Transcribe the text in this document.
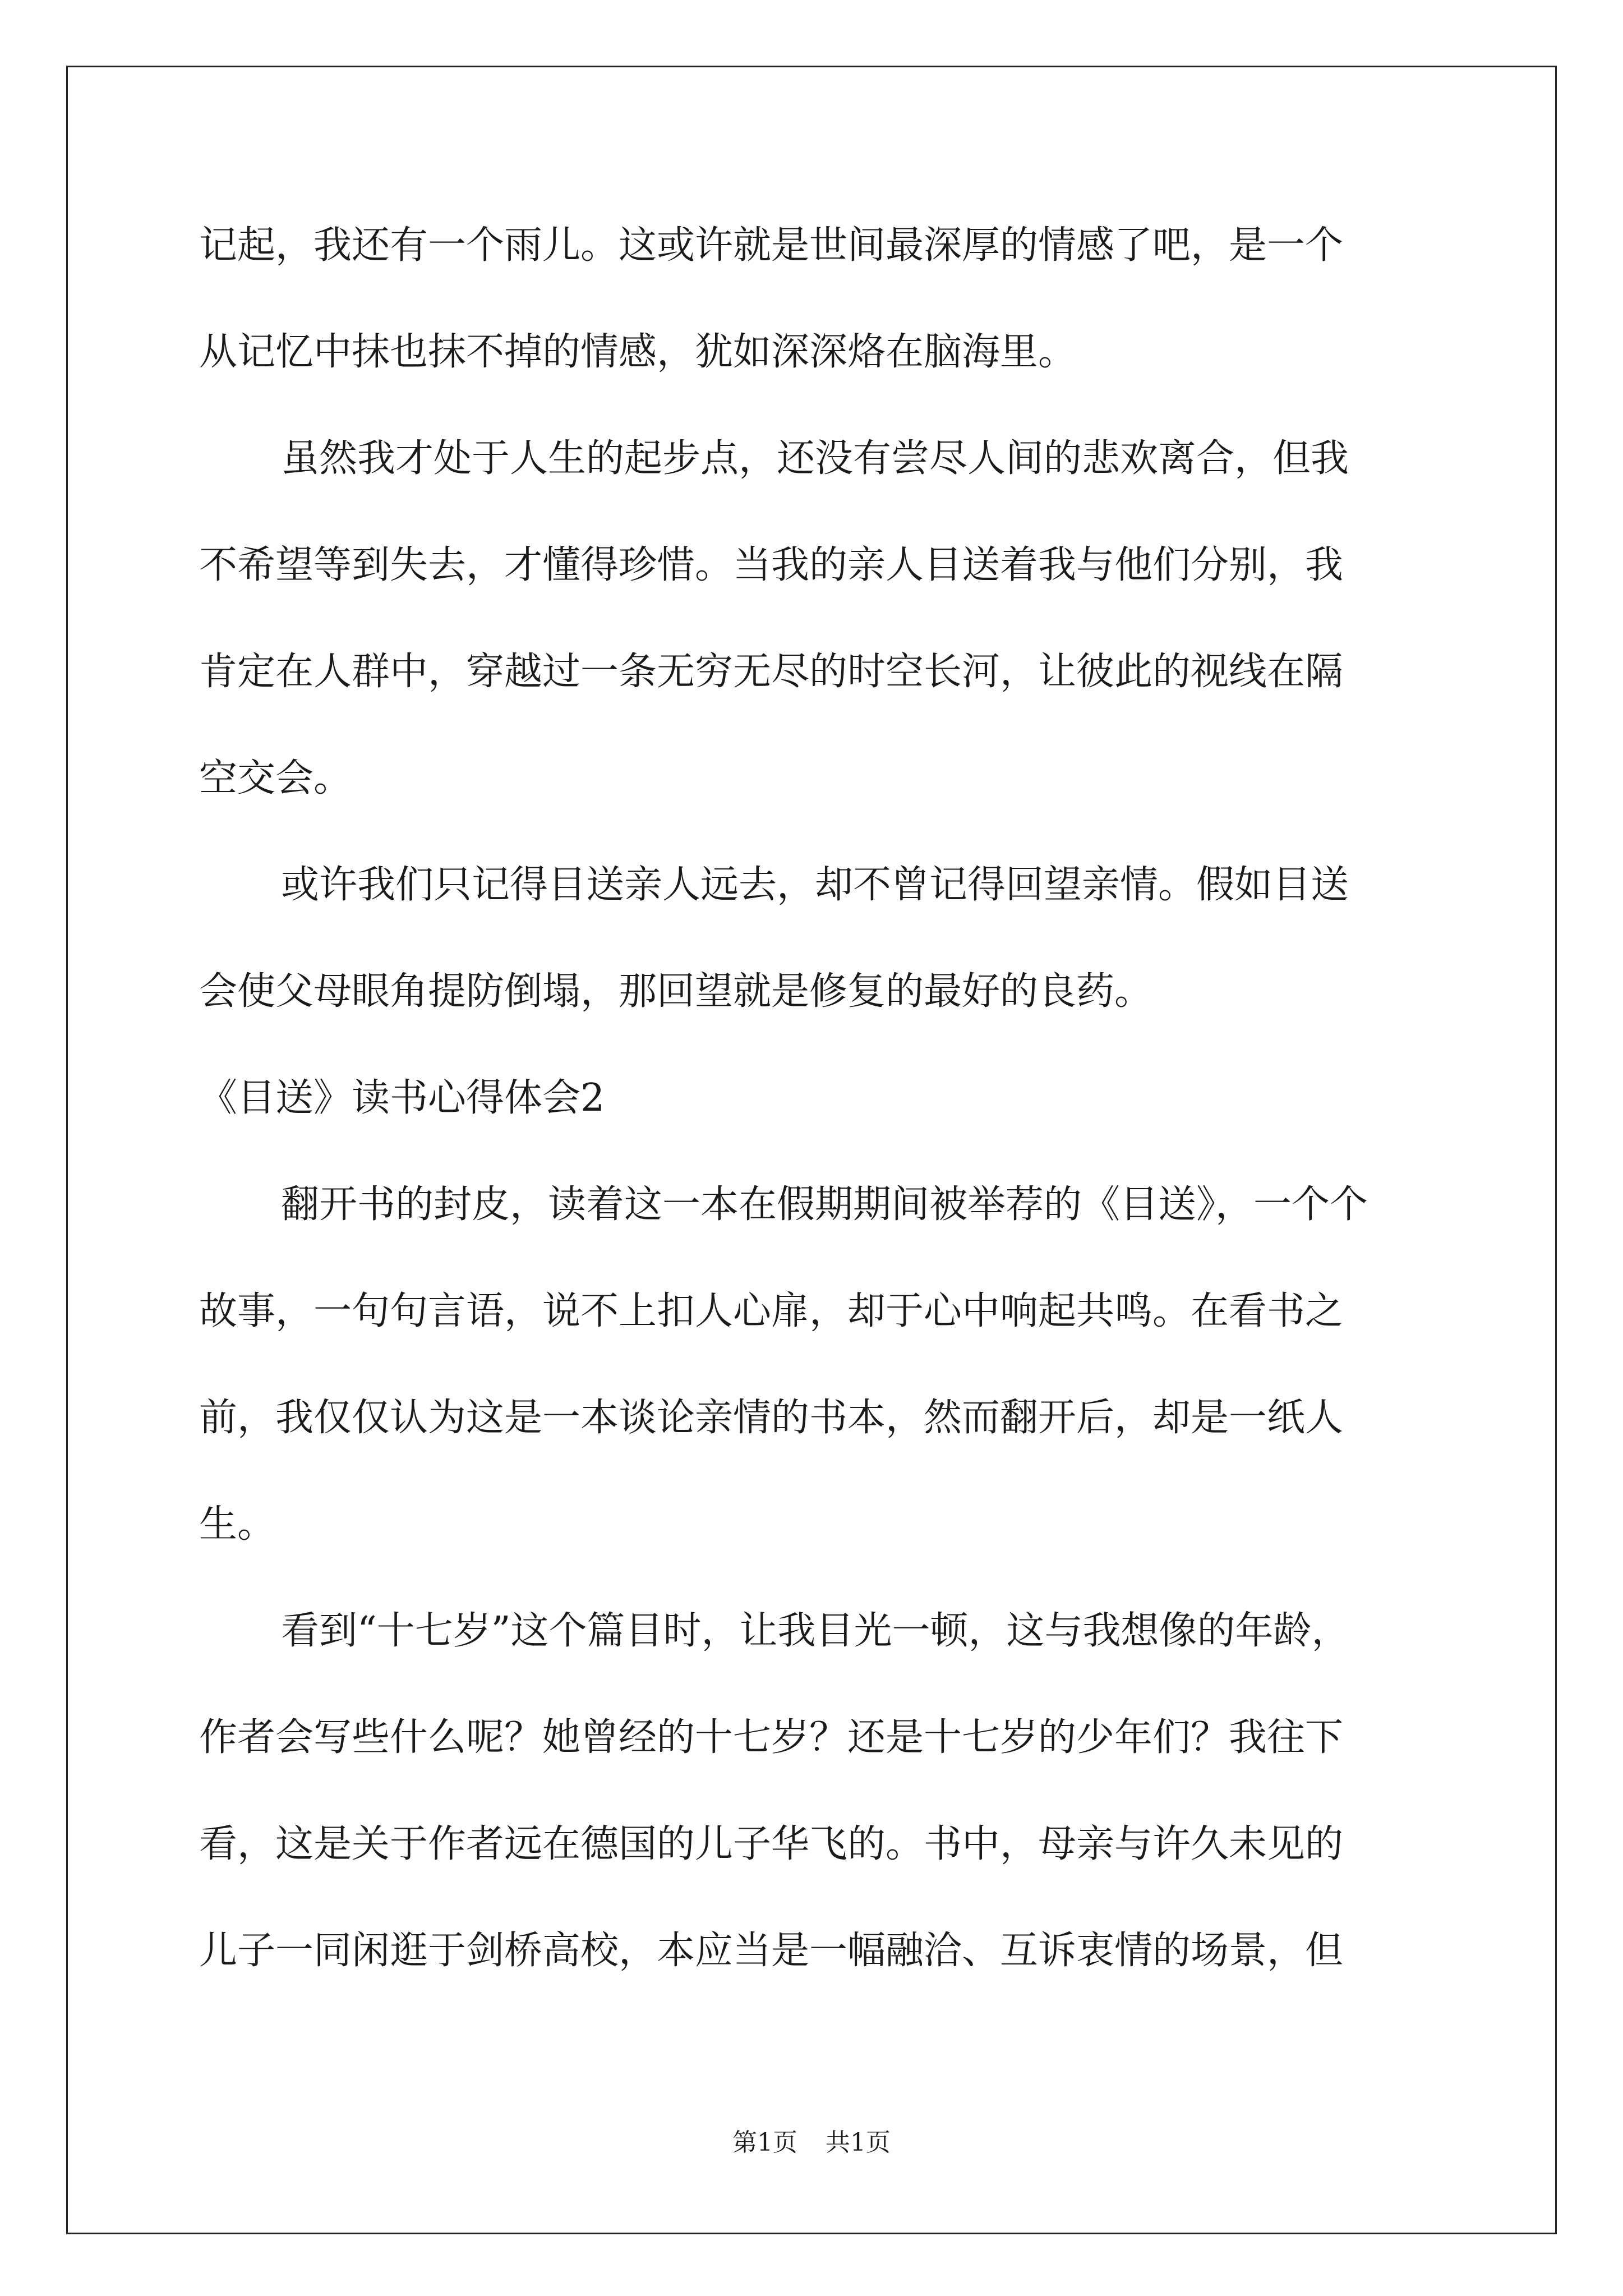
记起，我还有一个雨儿。这或许就是世间最深厚的情感了吧，是一个
从记忆中抹也抹不掉的情感，犹如深深烙在脑海里。
虽然我才处于人生的起步点，还没有尝尽人间的悲欢离合，但我
不希望等到失去，才懂得珍惜。当我的亲人目送着我与他们分别，我
肯定在人群中，穿越过一条无穷无尽的时空长河，让彼此的视线在隔
空交会。
或许我们只记得目送亲人远去，却不曾记得回望亲情。假如目送
会使父母眼角提防倒塌，那回望就是修复的最好的良药。
《目送》读书心得体会2
翻开书的封皮，读着这一本在假期期间被举荐的《目送》，一个个
故事，一句句言语，说不上扣人心扉，却于心中响起共鸣。在看书之
前，我仅仅认为这是一本谈论亲情的书本，然而翻开后，却是一纸人
生。
看到“十七岁”这个篇目时，让我目光一顿，这与我想像的年龄，
作者会写些什么呢？她曾经的十七岁？还是十七岁的少年们？我往下
看，这是关于作者远在德国的儿子华飞的。书中，母亲与许久未见的
儿子一同闲逛于剑桥高校，本应当是一幅融洽、互诉衷情的场景，但
第1页 共1页
